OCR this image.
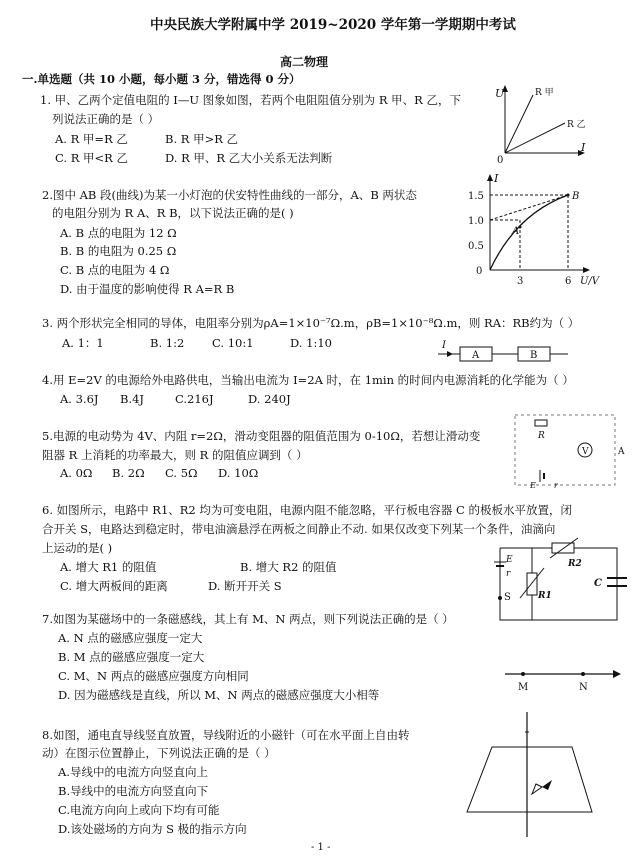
中央民族大学附属中学 2019~2020 学年第一学期期中考试
高二物理
一.单选题（共 10 小题，每小题 3 分，错选得 0 分）
1. 甲、乙两个定值电阻的 I—U 图象如图，若两个电阻阻值分别为 R 甲、R 乙，下
列说法正确的是（ ）
A. R 甲=R 乙	B. R 甲>R 乙
C. R 甲<R 乙	D. R 甲、R 乙大小关系无法判断
U
I
0
R 甲
R 乙
2.图中 AB 段(曲线)为某一小灯泡的伏安特性曲线的一部分，A、B 两状态
的电阻分别为 R A、R B，以下说法正确的是( )
A. B 点的电阻为 12 Ω
B. B 的电阻为 0.25 Ω
C. B 点的电阻为 4 Ω
D. 由于温度的影响使得 R A=R B
I
U/V
1.5
1.0
0.5
0
3	6
A
B
3. 两个形状完全相同的导体，电阻率分别为ρA=1×10⁻⁷Ω.m，ρB=1×10⁻⁸Ω.m，则 RA：RB约为（ ）
A. 1：1	B. 1:2 C. 10:1	D. 1:10	I
A	B
4.用 E=2V 的电源给外电路供电，当输出电流为 I=2A 时，在 1min 的时间内电源消耗的化学能为（ ）
A. 3.6J B.4J	C.216J	D. 240J
5.电源的电动势为 4V、内阻 r=2Ω，滑动变阻器的阻值范围为 0-10Ω，若想让滑动变
阻器 R 上消耗的功率最大，则 R 的阻值应调到（ ）
A. 0Ω B. 2Ω C. 5Ω D. 10Ω
R
V	A
E r
6. 如图所示，电路中 R1、R2 均为可变电阻，电源内阻不能忽略，平行板电容器 C 的极板水平放置，闭
合开关 S，电路达到稳定时，带电油滴悬浮在两板之间静止不动. 如果仅改变下列某一个条件，油滴向
上运动的是( )
A. 增大 R1 的阻值	B. 增大 R2 的阻值
C. 增大两板间的距离	D. 断开开关 S
E
r
S	R1
R2
C
7.如图为某磁场中的一条磁感线，其上有 M、N 两点，则下列说法正确的是（ ）
A. N 点的磁感应强度一定大
B. M 点的磁感应强度一定大
C. M、N 两点的磁感应强度方向相同
D. 因为磁感线是直线，所以 M、N 两点的磁感应强度大小相等
M	N
8.如图，通电直导线竖直放置，导线附近的小磁针（可在水平面上自由转
动）在图示位置静止，下列说法正确的是（ ）
A.导线中的电流方向竖直向上
B.导线中的电流方向竖直向下
C.电流方向向上或向下均有可能
D.该处磁场的方向为 S 极的指示方向
- 1 -
